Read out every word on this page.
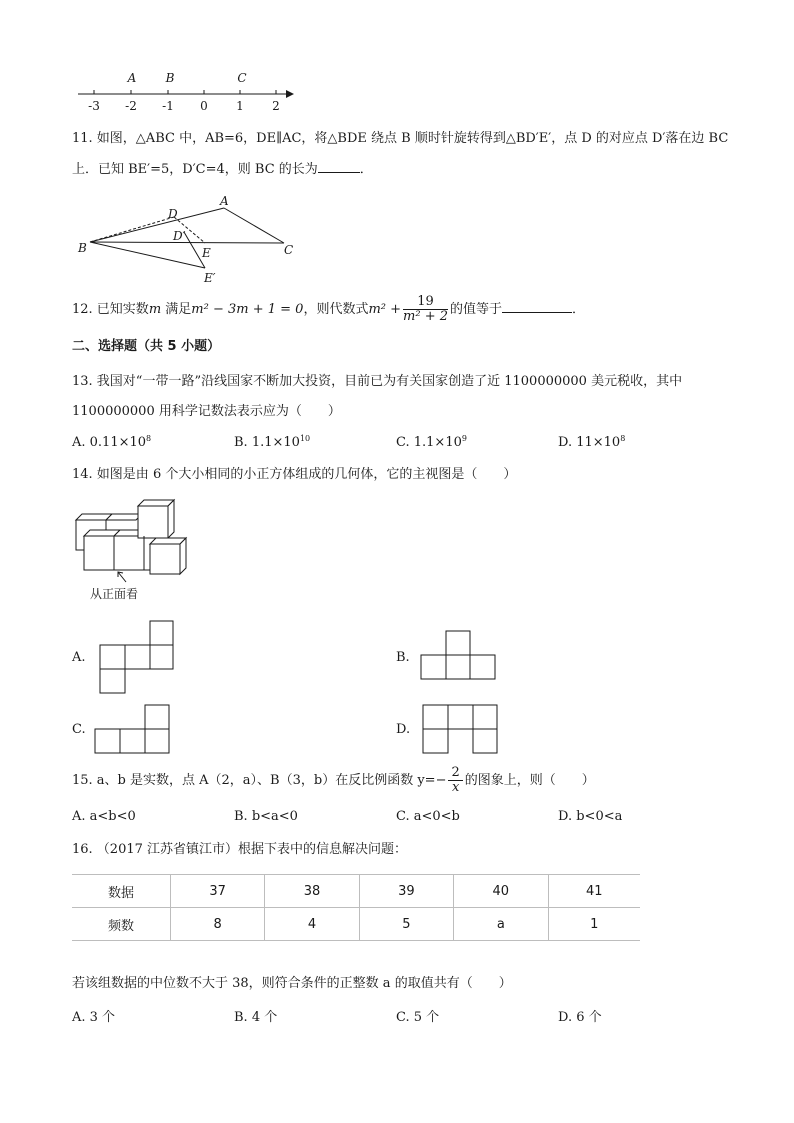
-3 -2 -1 0 1 2
A B	C
11. 如图，△ABC 中，AB=6，DE∥AC，将△BDE 绕点 B 顺时针旋转得到△BD′E′，点 D 的对应点 D′落在边 BC
上．已知 BE′=5，D′C=4，则 BC 的长为	．
A
B	C
D
D′
E
E′
12. 已知实数m 满足m² − 3m + 1 = 0，则代数式$m^2 + \frac{19}{\text{m² + 2}}$ 的值等于	．
二、选择题（共 5 小题）
13. 我国对“一带一路”沿线国家不断加大投资，目前已为有关国家创造了近 1100000000 美元税收，其中
1100000000 用科学记数法表示应为（　　）
A. $0.11\times 10^8$	B. $1.1\times 10^{10}$	C. $1.1\times 10^9$	D. $11\times 10^8$
14. 如图是由 6 个大小相同的小正方体组成的几何体，它的主视图是（　　）
从正面看
A.	B.
C.	D.
15. a、b 是实数，点 A（2，a）、B（3，b）在反比例函数 $y=- \frac{2}{x}$ 的图象上，则（　　）
A. a<b<0	B. b<a<0	C. a<0<b	D. b<0<a
16. （2017 江苏省镇江市）根据下表中的信息解决问题：
数据	37	38	39	40	41
频数	8	4	5	a	1
若该组数据的中位数不大于 38，则符合条件的正整数 a 的取值共有（　　）
A. 3 个	B. 4 个	C. 5 个	D. 6 个
